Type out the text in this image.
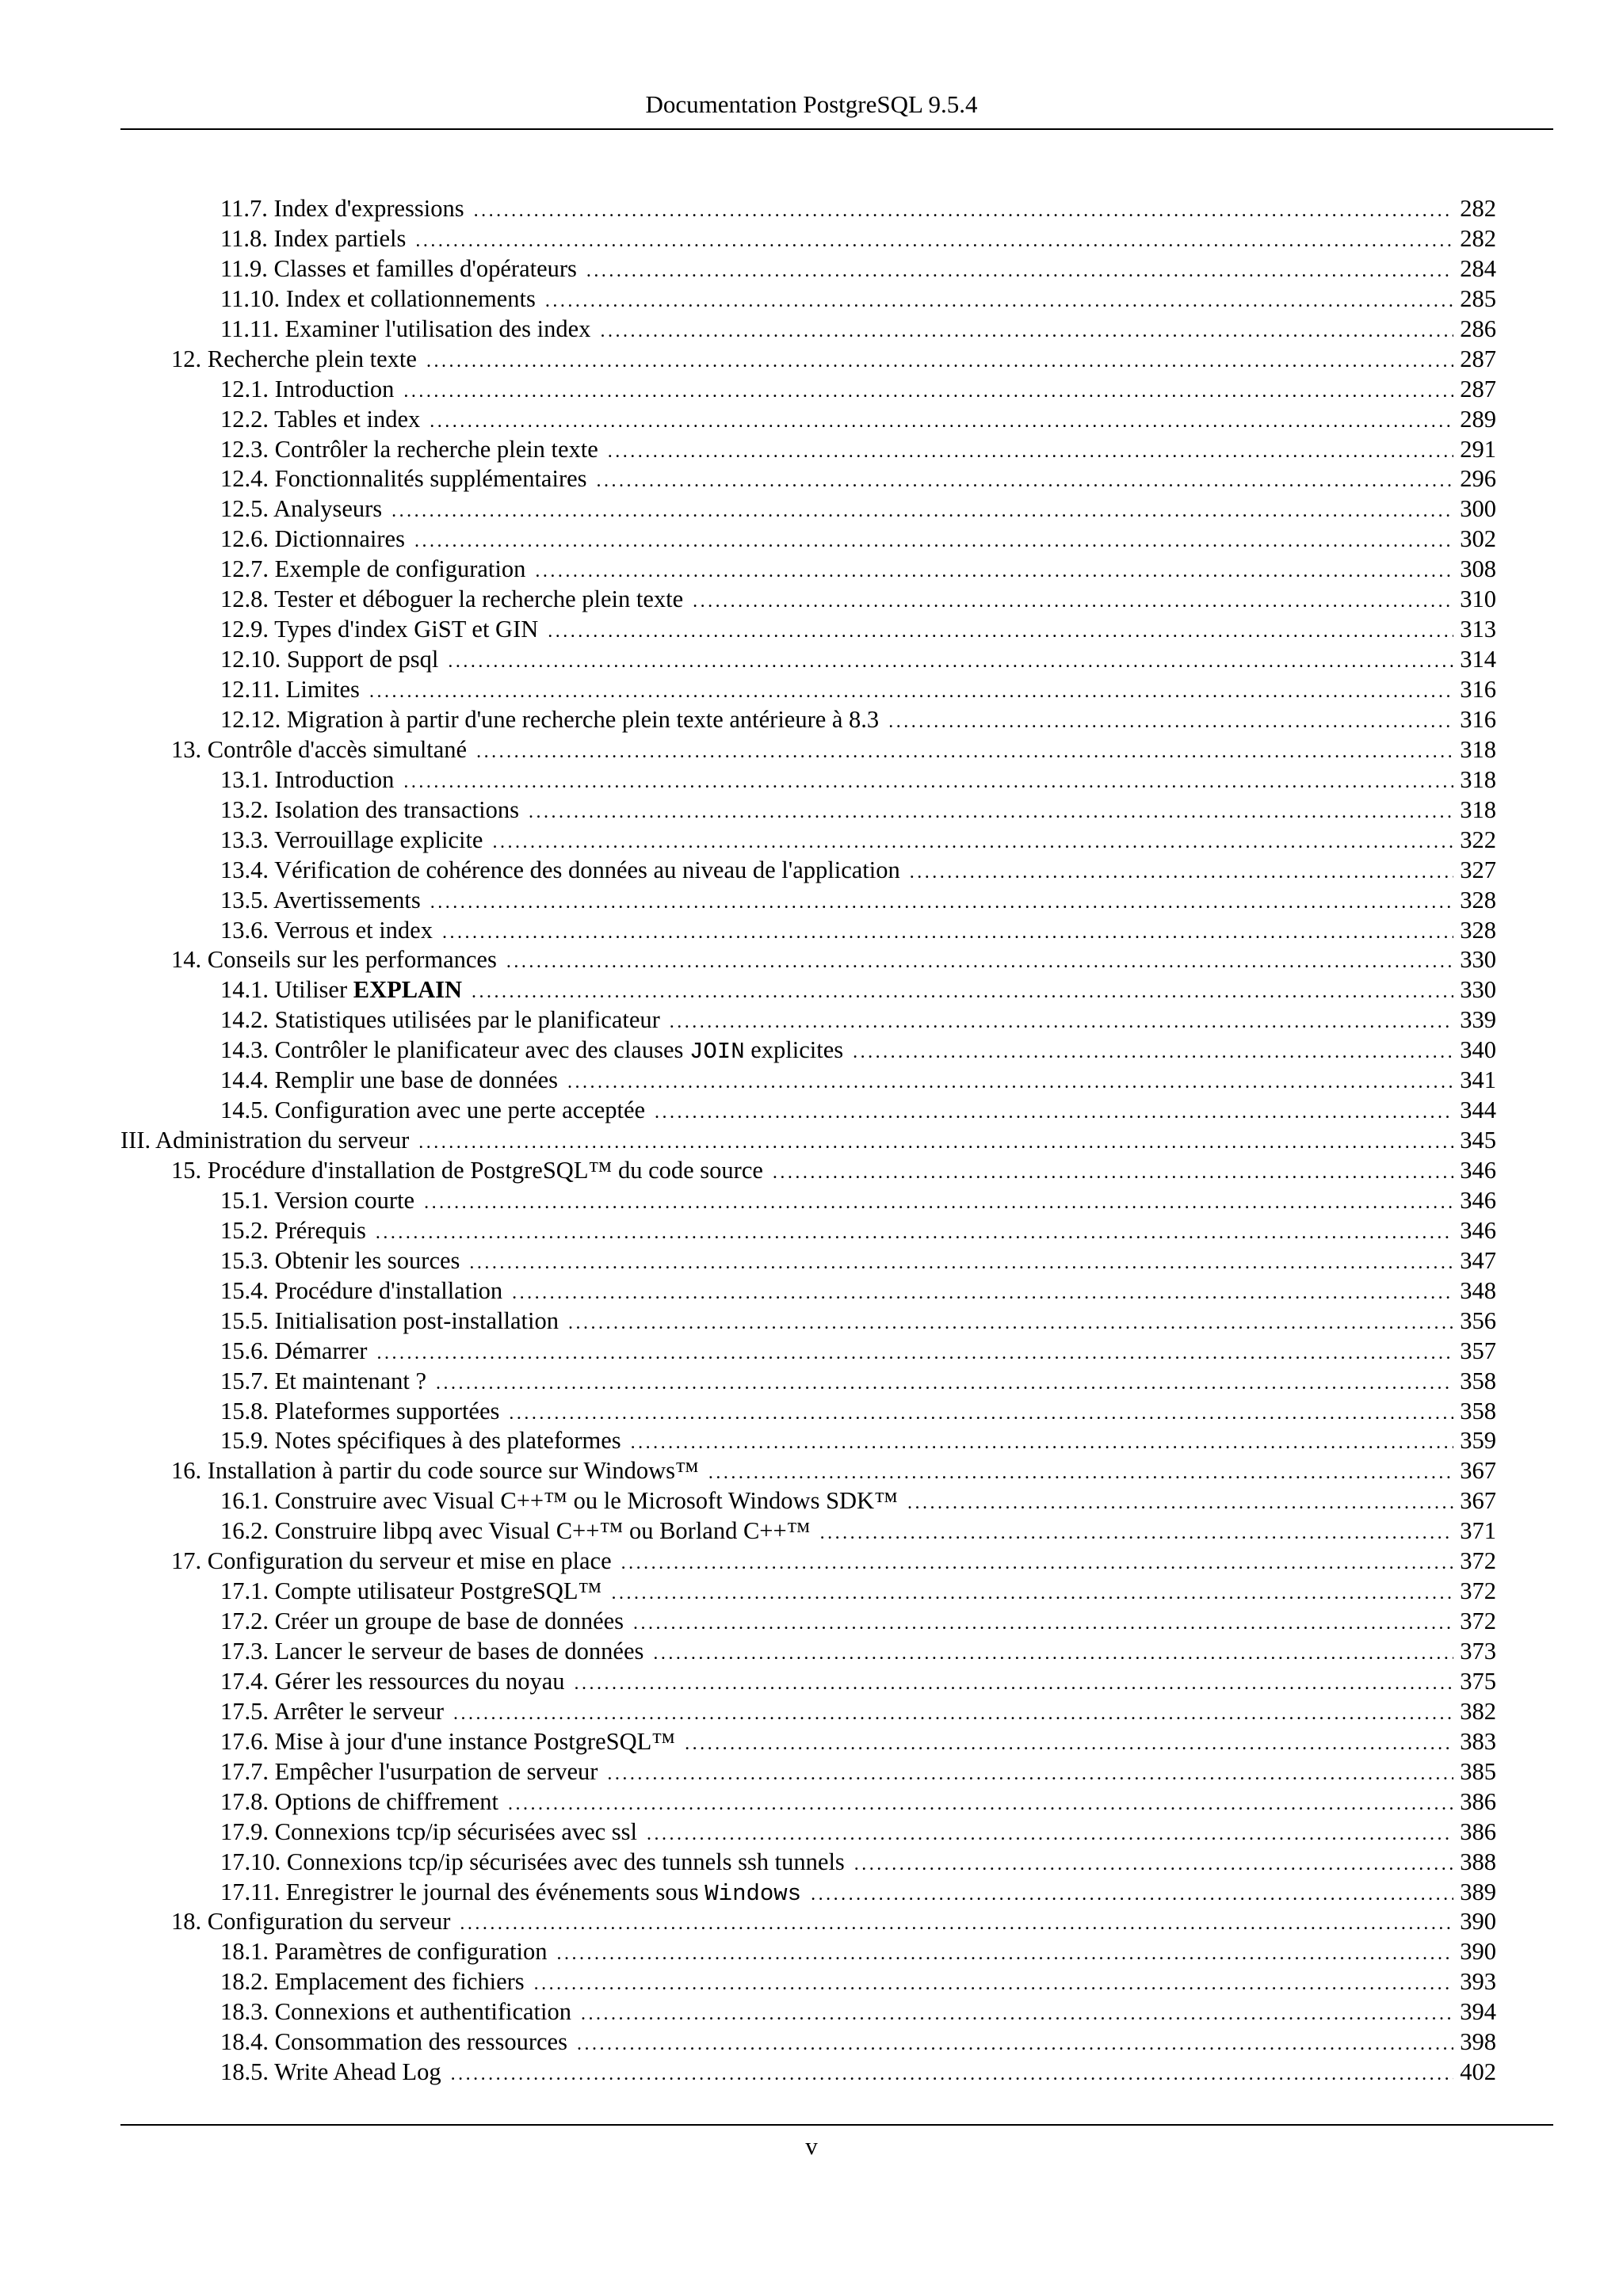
Documentation PostgreSQL 9.5.4
11.7. Index d'expressions .....	282
11.8. Index partiels .....	282
11.9. Classes et familles d'opérateurs .....	284
11.10. Index et collationnements .....	285
11.11. Examiner l'utilisation des index .....	286
12. Recherche plein texte .....	287
12.1. Introduction .....	287
12.2. Tables et index .....	289
12.3. Contrôler la recherche plein texte .....	291
12.4. Fonctionnalités supplémentaires .....	296
12.5. Analyseurs .....	300
12.6. Dictionnaires .....	302
12.7. Exemple de configuration .....	308
12.8. Tester et déboguer la recherche plein texte .....	310
12.9. Types d'index GiST et GIN .....	313
12.10. Support de psql .....	314
12.11. Limites .....	316
12.12. Migration à partir d'une recherche plein texte antérieure à 8.3 .....	316
13. Contrôle d'accès simultané .....	318
13.1. Introduction .....	318
13.2. Isolation des transactions .....	318
13.3. Verrouillage explicite .....	322
13.4. Vérification de cohérence des données au niveau de l'application .....	327
13.5. Avertissements .....	328
13.6. Verrous et index .....	328
14. Conseils sur les performances .....	330
14.1. Utiliser EXPLAIN .....	330
14.2. Statistiques utilisées par le planificateur .....	339
14.3. Contrôler le planificateur avec des clauses JOIN explicites .....	340
14.4. Remplir une base de données .....	341
14.5. Configuration avec une perte acceptée .....	344
III. Administration du serveur .....	345
15. Procédure d'installation de PostgreSQL™ du code source .....	346
15.1. Version courte .....	346
15.2. Prérequis .....	346
15.3. Obtenir les sources .....	347
15.4. Procédure d'installation .....	348
15.5. Initialisation post-installation .....	356
15.6. Démarrer .....	357
15.7. Et maintenant ? .....	358
15.8. Plateformes supportées .....	358
15.9. Notes spécifiques à des plateformes .....	359
16. Installation à partir du code source sur Windows™ .....	367
16.1. Construire avec Visual C++™ ou le Microsoft Windows SDK™ .....	367
16.2. Construire libpq avec Visual C++™ ou Borland C++™ .....	371
17. Configuration du serveur et mise en place .....	372
17.1. Compte utilisateur PostgreSQL™ .....	372
17.2. Créer un groupe de base de données .....	372
17.3. Lancer le serveur de bases de données .....	373
17.4. Gérer les ressources du noyau .....	375
17.5. Arrêter le serveur .....	382
17.6. Mise à jour d'une instance PostgreSQL™ .....	383
17.7. Empêcher l'usurpation de serveur .....	385
17.8. Options de chiffrement .....	386
17.9. Connexions tcp/ip sécurisées avec ssl .....	386
17.10. Connexions tcp/ip sécurisées avec des tunnels ssh tunnels .....	388
17.11. Enregistrer le journal des événements sous Windows .....	389
18. Configuration du serveur .....	390
18.1. Paramètres de configuration .....	390
18.2. Emplacement des fichiers .....	393
18.3. Connexions et authentification .....	394
18.4. Consommation des ressources .....	398
18.5. Write Ahead Log .....	402
v
